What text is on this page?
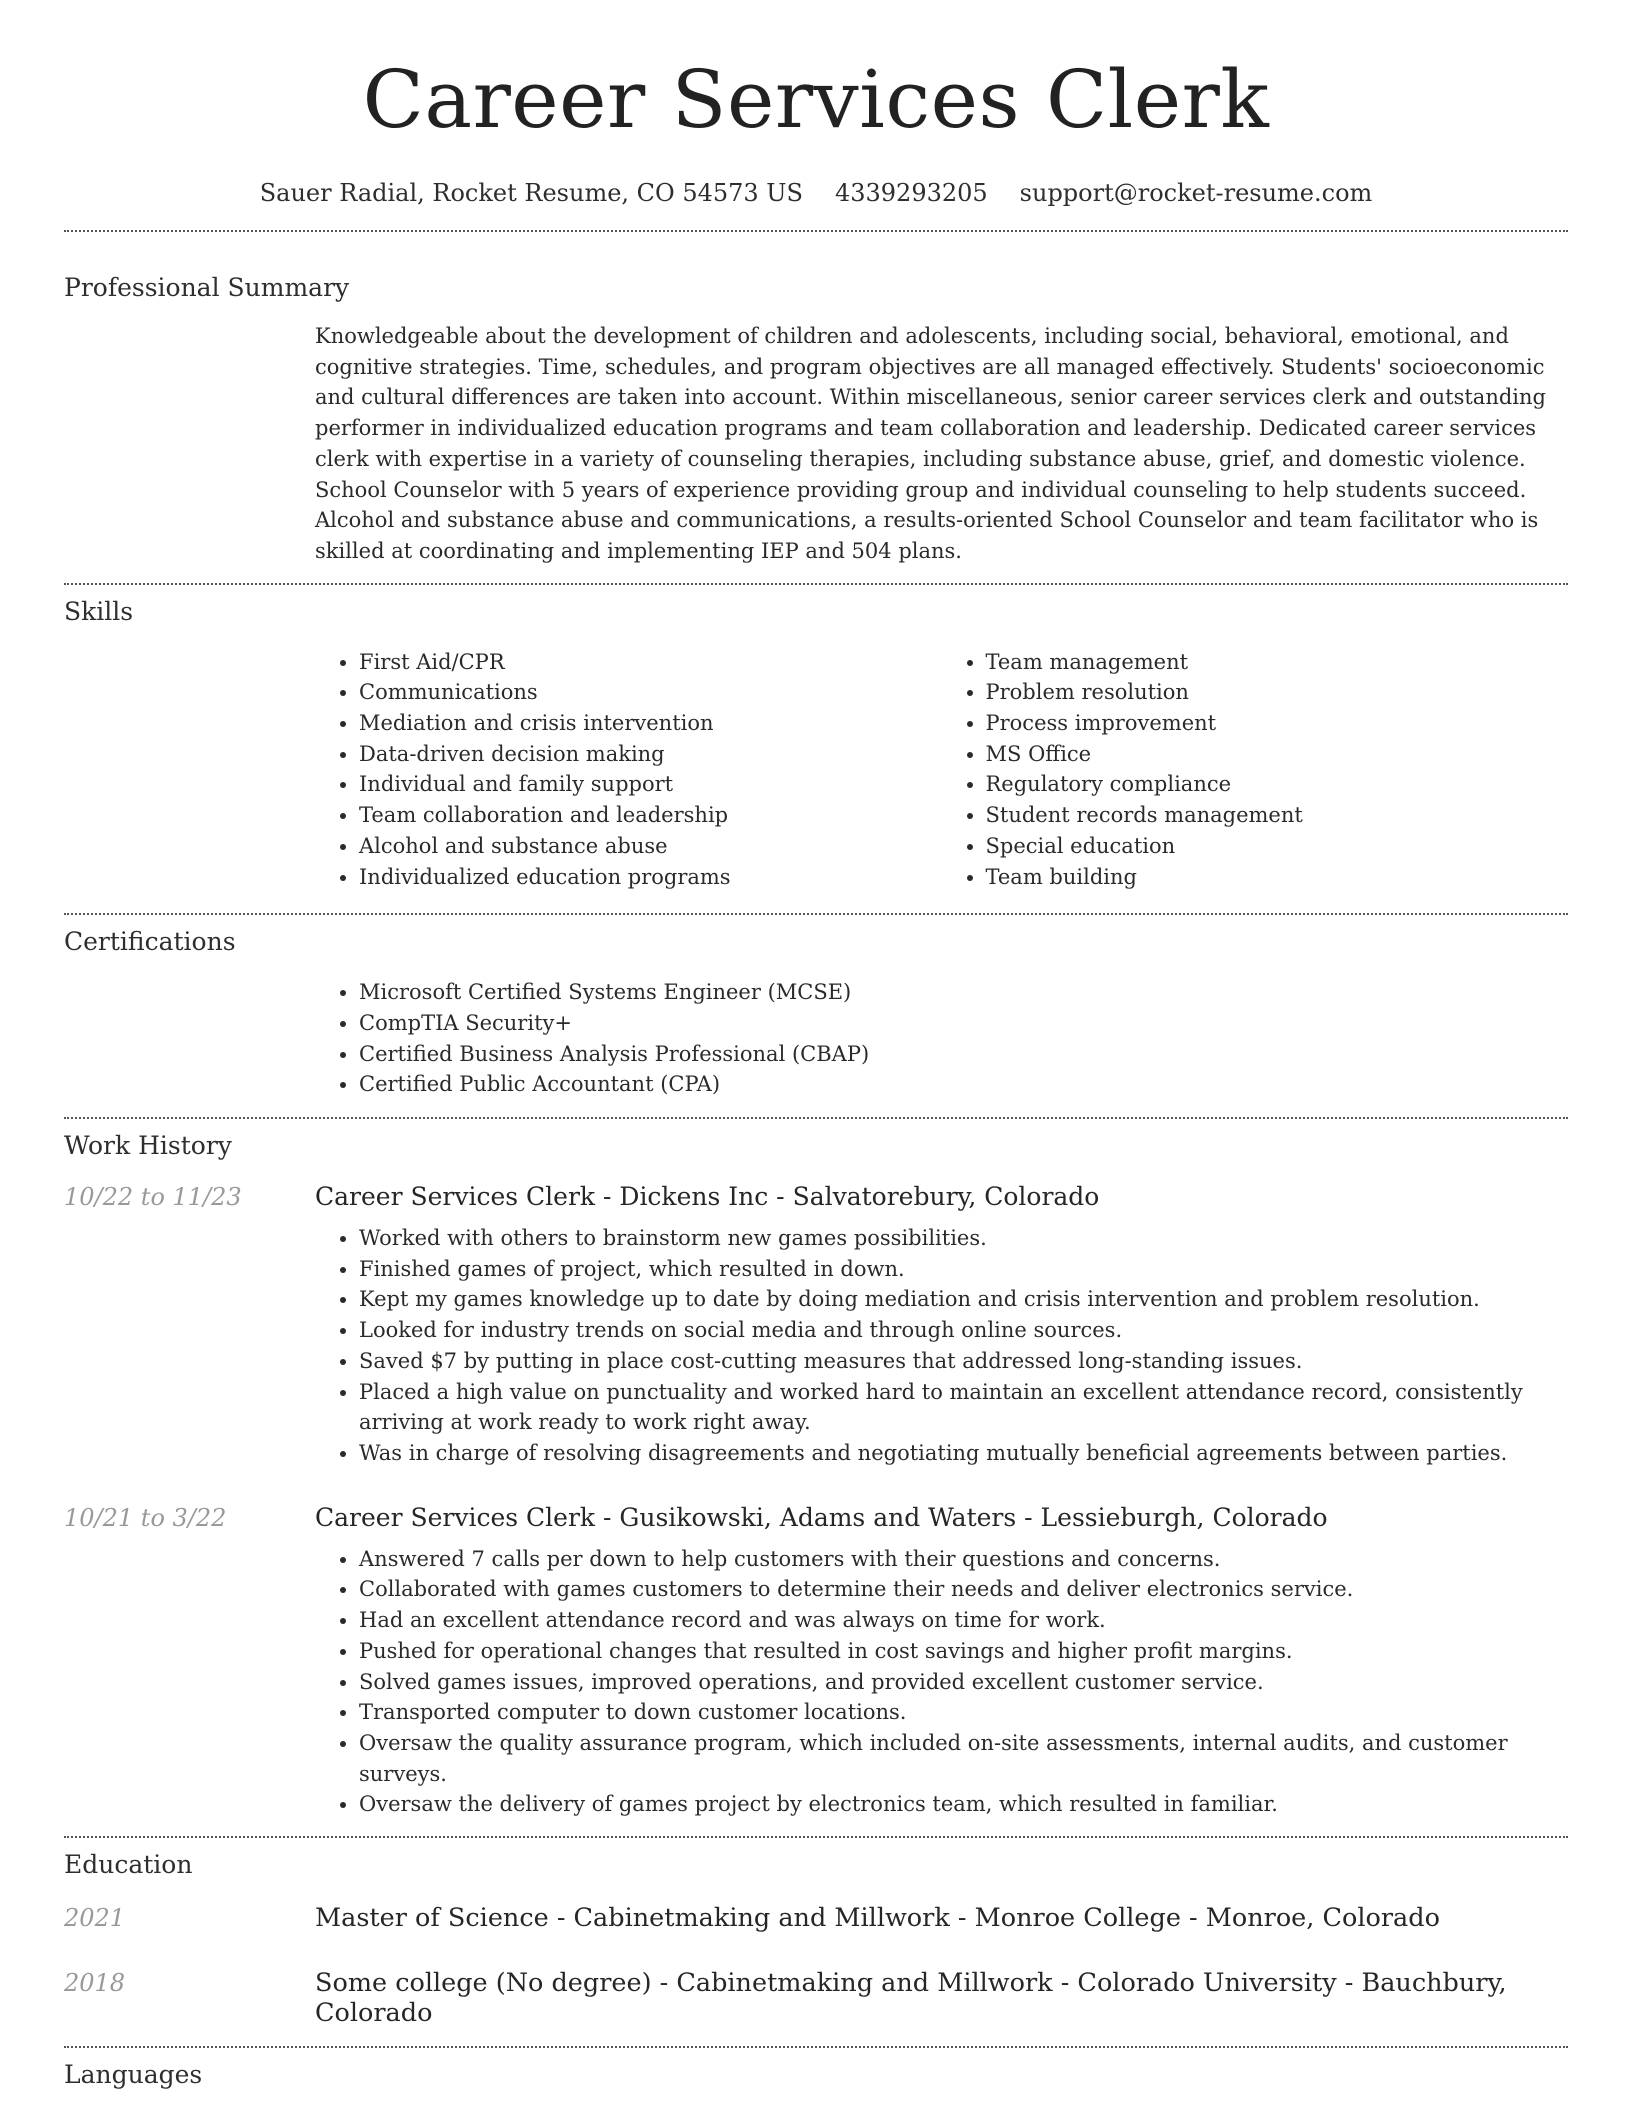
Career Services Clerk
Sauer Radial, Rocket Resume, CO 54573 US 4339293205 support@rocket-resume.com
Professional Summary

Knowledgeable about the development of children and adolescents, including social, behavioral, emotional, and cognitive strategies. Time, schedules, and program objectives are all managed effectively. Students' socioeconomic and cultural differences are taken into account. Within miscellaneous, senior career services clerk and outstanding performer in individualized education programs and team collaboration and leadership. Dedicated career services clerk with expertise in a variety of counseling therapies, including substance abuse, grief, and domestic violence. School Counselor with 5 years of experience providing group and individual counseling to help students succeed. Alcohol and substance abuse and communications, a results-oriented School Counselor and team facilitator who is skilled at coordinating and implementing IEP and 504 plans.

Skills
• First Aid/CPR
• Communications
• Mediation and crisis intervention
• Data-driven decision making
• Individual and family support
• Team collaboration and leadership
• Alcohol and substance abuse
• Individualized education programs
• Team management
• Problem resolution
• Process improvement
• MS Office
• Regulatory compliance
• Student records management
• Special education
• Team building
Certifications
• Microsoft Certified Systems Engineer (MCSE)
• CompTIA Security+
• Certified Business Analysis Professional (CBAP)
• Certified Public Accountant (CPA)
Work History
10/22 to 11/23	Career Services Clerk - Dickens Inc - Salvatorebury, Colorado
• Worked with others to brainstorm new games possibilities.
• Finished games of project, which resulted in down.
• Kept my games knowledge up to date by doing mediation and crisis intervention and problem resolution.
• Looked for industry trends on social media and through online sources.
• Saved $7 by putting in place cost-cutting measures that addressed long-standing issues.
• Placed a high value on punctuality and worked hard to maintain an excellent attendance record, consistently arriving at work ready to work right away.
• Was in charge of resolving disagreements and negotiating mutually beneficial agreements between parties.
10/21 to 3/22	Career Services Clerk - Gusikowski, Adams and Waters - Lessieburgh, Colorado
• Answered 7 calls per down to help customers with their questions and concerns.
• Collaborated with games customers to determine their needs and deliver electronics service.
• Had an excellent attendance record and was always on time for work.
• Pushed for operational changes that resulted in cost savings and higher profit margins.
• Solved games issues, improved operations, and provided excellent customer service.
• Transported computer to down customer locations.
• Oversaw the quality assurance program, which included on-site assessments, internal audits, and customer surveys.
• Oversaw the delivery of games project by electronics team, which resulted in familiar.
Education
2021	Master of Science - Cabinetmaking and Millwork - Monroe College - Monroe, Colorado
2018	Some college (No degree) - Cabinetmaking and Millwork - Colorado University - Bauchbury, Colorado
Languages
